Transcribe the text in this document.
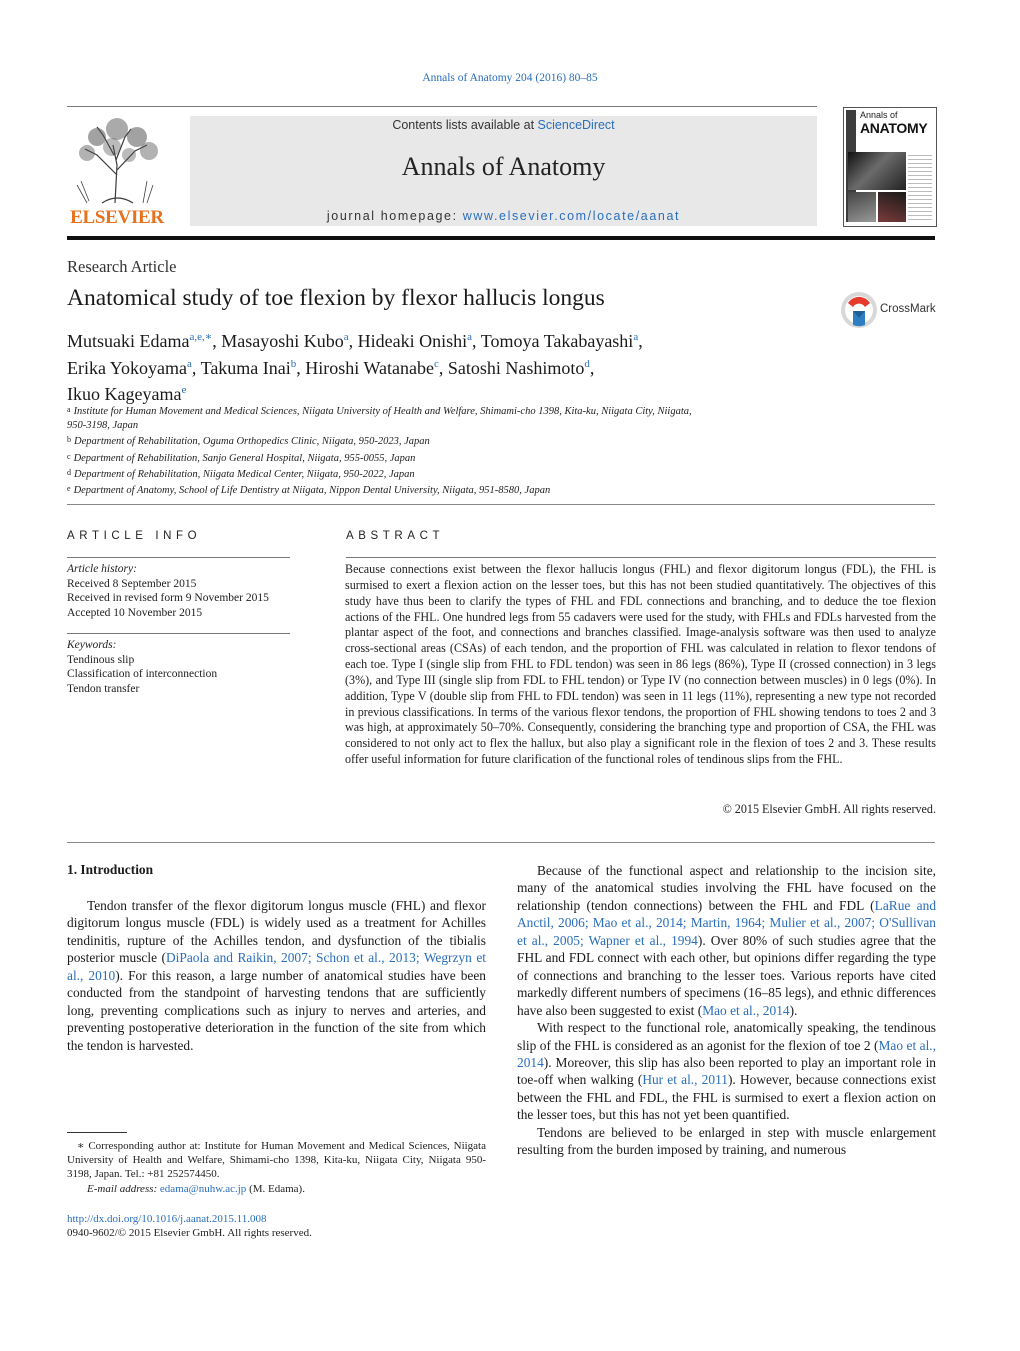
Annals of Anatomy 204 (2016) 80–85
ELSEVIER
Contents lists available at ScienceDirect
Annals of Anatomy
journal homepage: www.elsevier.com/locate/aanat
Annals of
ANATOMY
Research Article
Anatomical study of toe flexion by flexor hallucis longus	CrossMark
Mutsuaki Edama$^{a,e,∗}$, Masayoshi Kubo$^a$, Hideaki Onishi$^a$, Tomoya Takabayashi$^a$,
Erika Yokoyama$^a$, Takuma Inai$^b$, Hiroshi Watanabe$^c$, Satoshi Nashimoto$^d$,
Ikuo Kageyama$^e$
a Institute for Human Movement and Medical Sciences, Niigata University of Health and Welfare, Shimami-cho 1398, Kita-ku, Niigata City, Niigata,
950-3198, Japan
b Department of Rehabilitation, Oguma Orthopedics Clinic, Niigata, 950-2023, Japan
c Department of Rehabilitation, Sanjo General Hospital, Niigata, 955-0055, Japan
d Department of Rehabilitation, Niigata Medical Center, Niigata, 950-2022, Japan
e Department of Anatomy, School of Life Dentistry at Niigata, Nippon Dental University, Niigata, 951-8580, Japan
ARTICLE INFO
Article history:
Received 8 September 2015
Received in revised form 9 November 2015
Accepted 10 November 2015
Keywords:
Tendinous slip
Classification of interconnection
Tendon transfer
ABSTRACT
Because connections exist between the flexor hallucis longus (FHL) and flexor digitorum longus (FDL), the FHL is surmised to exert a flexion action on the lesser toes, but this has not been studied quantitatively. The objectives of this study have thus been to clarify the types of FHL and FDL connections and branching, and to deduce the toe flexion actions of the FHL. One hundred legs from 55 cadavers were used for the study, with FHLs and FDLs harvested from the plantar aspect of the foot, and connections and branches classified. Image-analysis software was then used to analyze cross-sectional areas (CSAs) of each tendon, and the proportion of FHL was calculated in relation to flexor tendons of each toe. Type I (single slip from FHL to FDL tendon) was seen in 86 legs (86%), Type II (crossed connection) in 3 legs (3%), and Type III (single slip from FDL to FHL tendon) or Type IV (no connection between muscles) in 0 legs (0%). In addition, Type V (double slip from FHL to FDL tendon) was seen in 11 legs (11%), representing a new type not recorded in previous classifications. In terms of the various flexor tendons, the proportion of FHL showing tendons to toes 2 and 3 was high, at approximately 50–70%. Consequently, considering the branching type and proportion of CSA, the FHL was considered to not only act to flex the hallux, but also play a significant role in the flexion of toes 2 and 3. These results offer useful information for future clarification of the functional roles of tendinous slips from the FHL.
© 2015 Elsevier GmbH. All rights reserved.
1. Introduction

Tendon transfer of the flexor digitorum longus muscle (FHL) and flexor digitorum longus muscle (FDL) is widely used as a treatment for Achilles tendinitis, rupture of the Achilles tendon, and dysfunction of the tibialis posterior muscle (DiPaola and Raikin, 2007; Schon et al., 2013; Wegrzyn et al., 2010). For this reason, a large number of anatomical studies have been conducted from the standpoint of harvesting tendons that are sufficiently long, preventing complications such as injury to nerves and arteries, and preventing postoperative deterioration in the function of the site from which the tendon is harvested.

Because of the functional aspect and relationship to the incision site, many of the anatomical studies involving the FHL have focused on the relationship (tendon connections) between the FHL and FDL (LaRue and Anctil, 2006; Mao et al., 2014; Martin, 1964; Mulier et al., 2007; O'Sullivan et al., 2005; Wapner et al., 1994). Over 80% of such studies agree that the FHL and FDL connect with each other, but opinions differ regarding the type of connections and branching to the lesser toes. Various reports have cited markedly different numbers of specimens (16–85 legs), and ethnic differences have also been suggested to exist (Mao et al., 2014).

With respect to the functional role, anatomically speaking, the tendinous slip of the FHL is considered as an agonist for the flexion of toe 2 (Mao et al., 2014). Moreover, this slip has also been reported to play an important role in toe-off when walking (Hur et al., 2011). However, because connections exist between the FHL and FDL, the FHL is surmised to exert a flexion action on the lesser toes, but this has not yet been quantified.

Tendons are believed to be enlarged in step with muscle enlargement resulting from the burden imposed by training, and numerous

∗ Corresponding author at: Institute for Human Movement and Medical Sciences, Niigata University of Health and Welfare, Shimami-cho 1398, Kita-ku, Niigata City, Niigata 950-3198, Japan. Tel.: +81 252574450.

E-mail address: edama@nuhw.ac.jp (M. Edama).

http://dx.doi.org/10.1016/j.aanat.2015.11.008
0940-9602/© 2015 Elsevier GmbH. All rights reserved.
